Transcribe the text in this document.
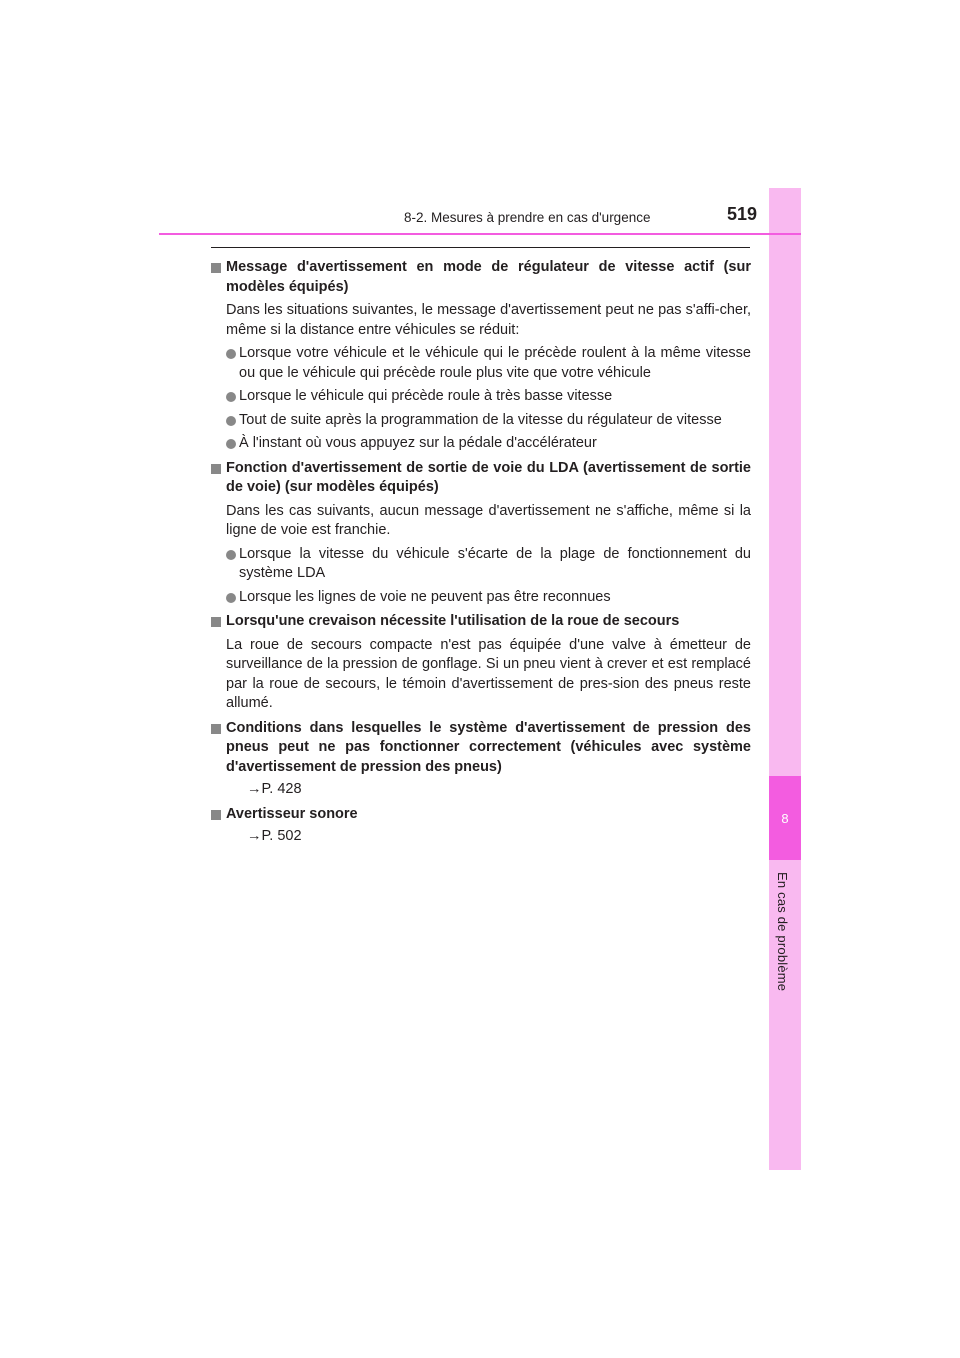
8
En cas de problème
8-2. Mesures à prendre en cas d'urgence	519
Message d'avertissement en mode de régulateur de vitesse actif (sur modèles équipés)

Dans les situations suivantes, le message d'avertissement peut ne pas s'affi-cher, même si la distance entre véhicules se réduit:

Lorsque votre véhicule et le véhicule qui le précède roulent à la même vitesse ou que le véhicule qui précède roule plus vite que votre véhicule
Lorsque le véhicule qui précède roule à très basse vitesse
Tout de suite après la programmation de la vitesse du régulateur de vitesse
À l'instant où vous appuyez sur la pédale d'accélérateur
Fonction d'avertissement de sortie de voie du LDA (avertissement de sortie de voie) (sur modèles équipés)

Dans les cas suivants, aucun message d'avertissement ne s'affiche, même si la ligne de voie est franchie.

Lorsque la vitesse du véhicule s'écarte de la plage de fonctionnement du système LDA
Lorsque les lignes de voie ne peuvent pas être reconnues
Lorsqu'une crevaison nécessite l'utilisation de la roue de secours

La roue de secours compacte n'est pas équipée d'une valve à émetteur de surveillance de la pression de gonflage. Si un pneu vient à crever et est remplacé par la roue de secours, le témoin d'avertissement de pres-sion des pneus reste allumé.

Conditions dans lesquelles le système d'avertissement de pression des pneus peut ne pas fonctionner correctement (véhicules avec système d'avertissement de pression des pneus)
→P. 428
Avertisseur sonore
→P. 502
